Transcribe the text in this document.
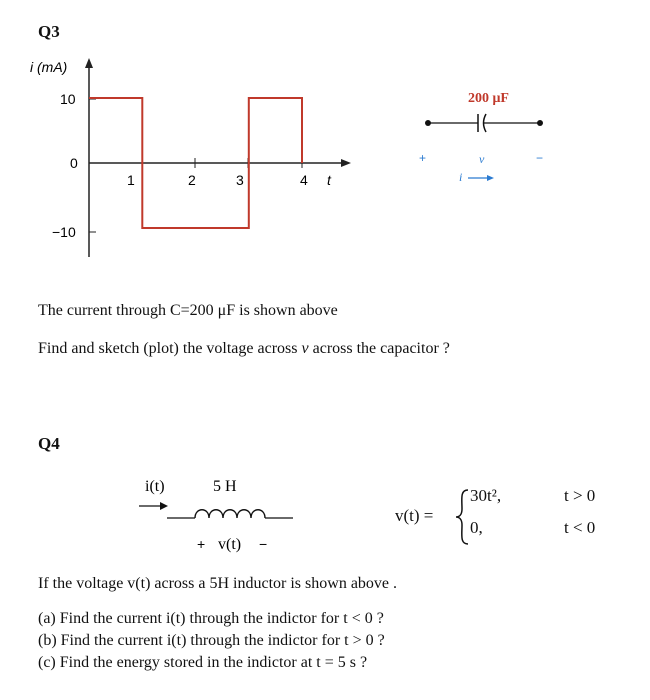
Q3
i (mA)
10
0
−10
1	2	3	4 t
200 μF
+	v	−
i
The current through C=200 μF is shown above
Find and sketch (plot) the voltage across v across the capacitor ?
Q4
i(t)	5 H
+ v(t) −
v(t) =
30t²,
0,
t > 0
t < 0
If the voltage v(t) across a 5H inductor is shown above .
(a) Find the current i(t) through the indictor for t < 0 ?
(b) Find the current i(t) through the indictor for t > 0 ?
(c) Find the energy stored in the indictor at t = 5 s ?
